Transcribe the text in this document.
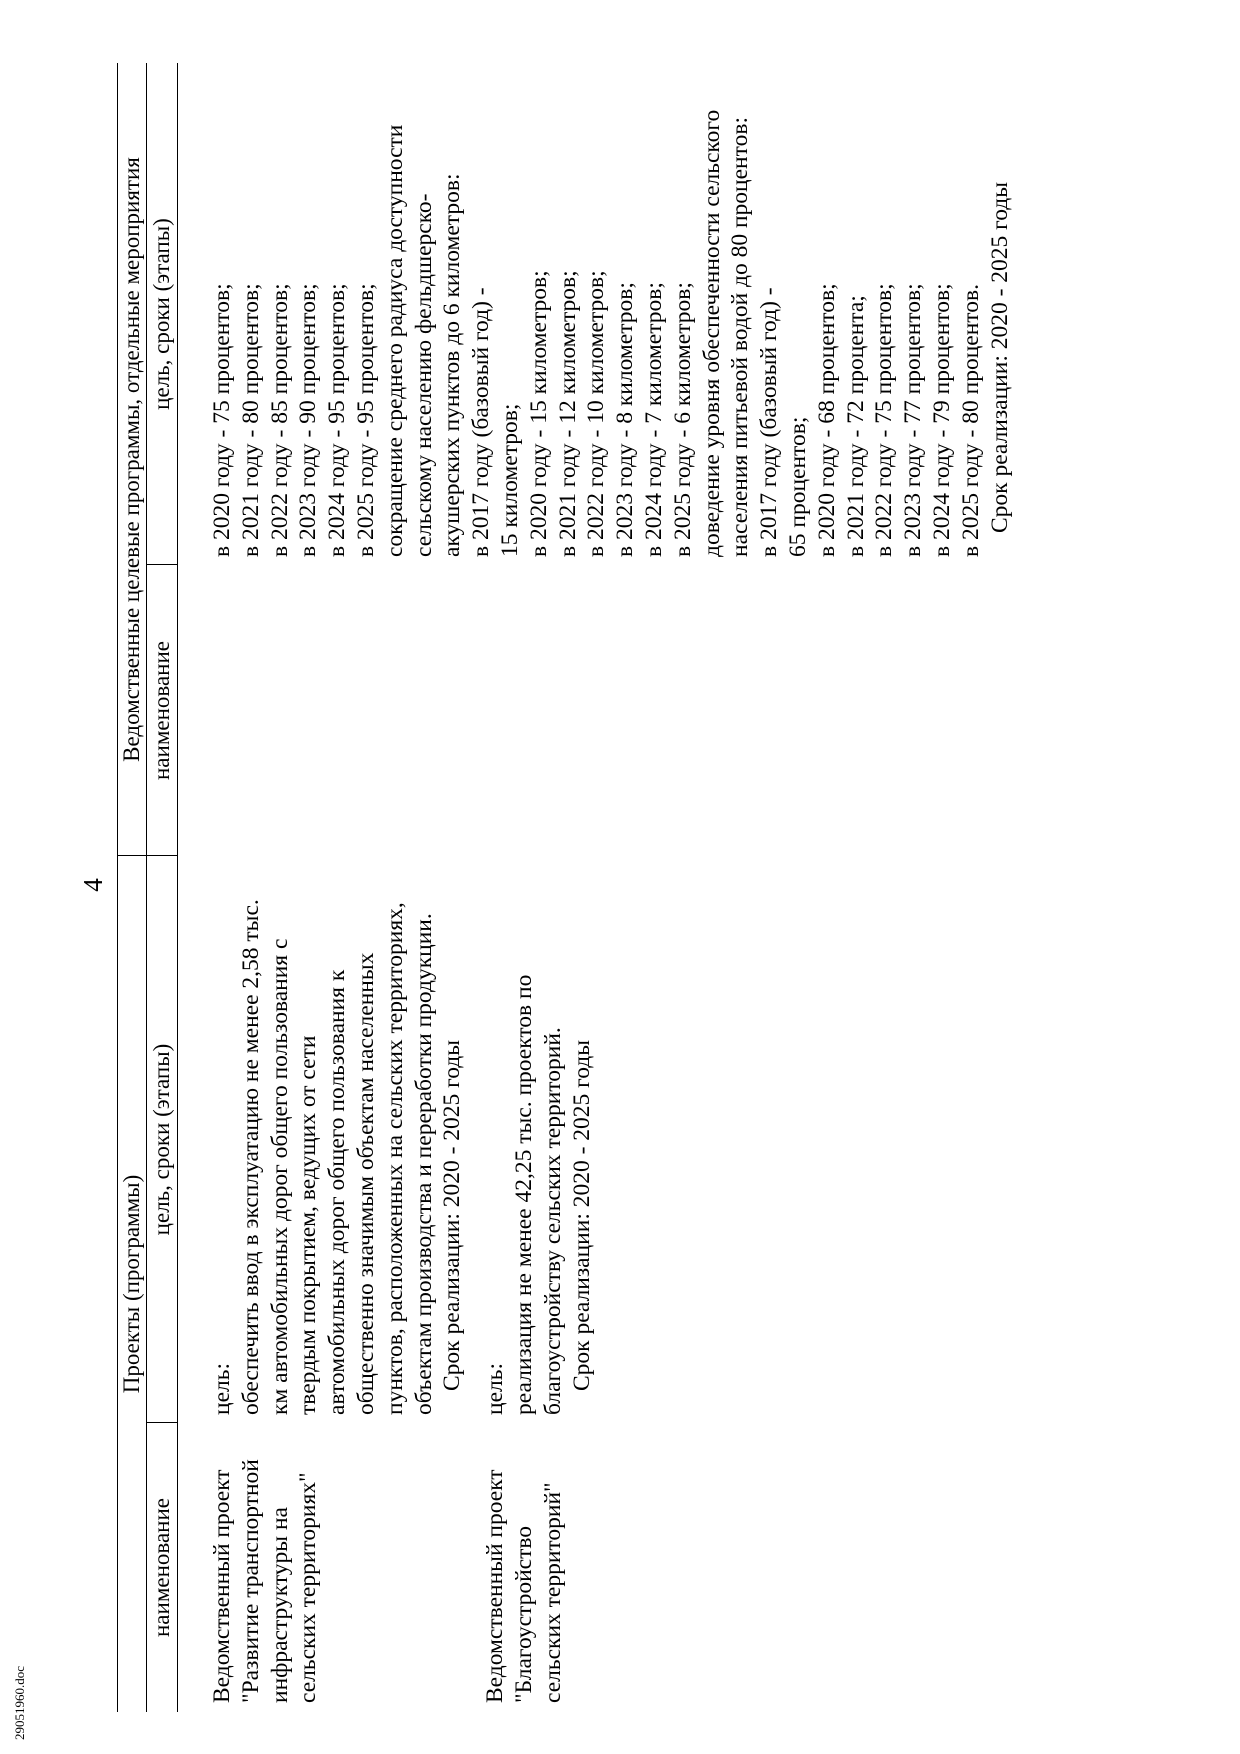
4
Проекты (программы)
Ведомственные целевые программы, отдельные мероприятия
наименование
цель, сроки (этапы)
наименование
цель, сроки (этапы)
Ведомственный проект "Развитие транспортной инфраструктуры на сельских территориях"

	Ведомственный проект "Благоустройство сельских территорий"
цель: обеспечить ввод в эксплуатацию не менее 2,58 тыс. км автомобильных дорог общего пользования с твердым покрытием, ведущих от сети автомобильных дорог общего пользования к общественно значимым объектам населенных пунктов, расположенных на сельских территориях, объектам производства и переработки продукции. Срок реализации: 2020 - 2025 годы цель: реализация не менее 42,25 тыс. проектов по благоустройству сельских территорий. Срок реализации: 2020 - 2025 годы
в 2020 году - 75 процентов; в 2021 году - 80 процентов; в 2022 году - 85 процентов; в 2023 году - 90 процентов; в 2024 году - 95 процентов; в 2025 году - 95 процентов; сокращение среднего радиуса доступности сельскому населению фельдшерско- акушерских пунктов до 6 километров: в 2017 году (базовый год) - 15 километров; в 2020 году - 15 километров; в 2021 году - 12 километров; в 2022 году - 10 километров; в 2023 году - 8 километров; в 2024 году - 7 километров; в 2025 году - 6 километров; доведение уровня обеспеченности сельского населения питьевой водой до 80 процентов: в 2017 году (базовый год) - 65 процентов; в 2020 году - 68 процентов; в 2021 году - 72 процента; в 2022 году - 75 процентов; в 2023 году - 77 процентов; в 2024 году - 79 процентов; в 2025 году - 80 процентов. Срок реализации: 2020 - 2025 годы
29051960.doc
